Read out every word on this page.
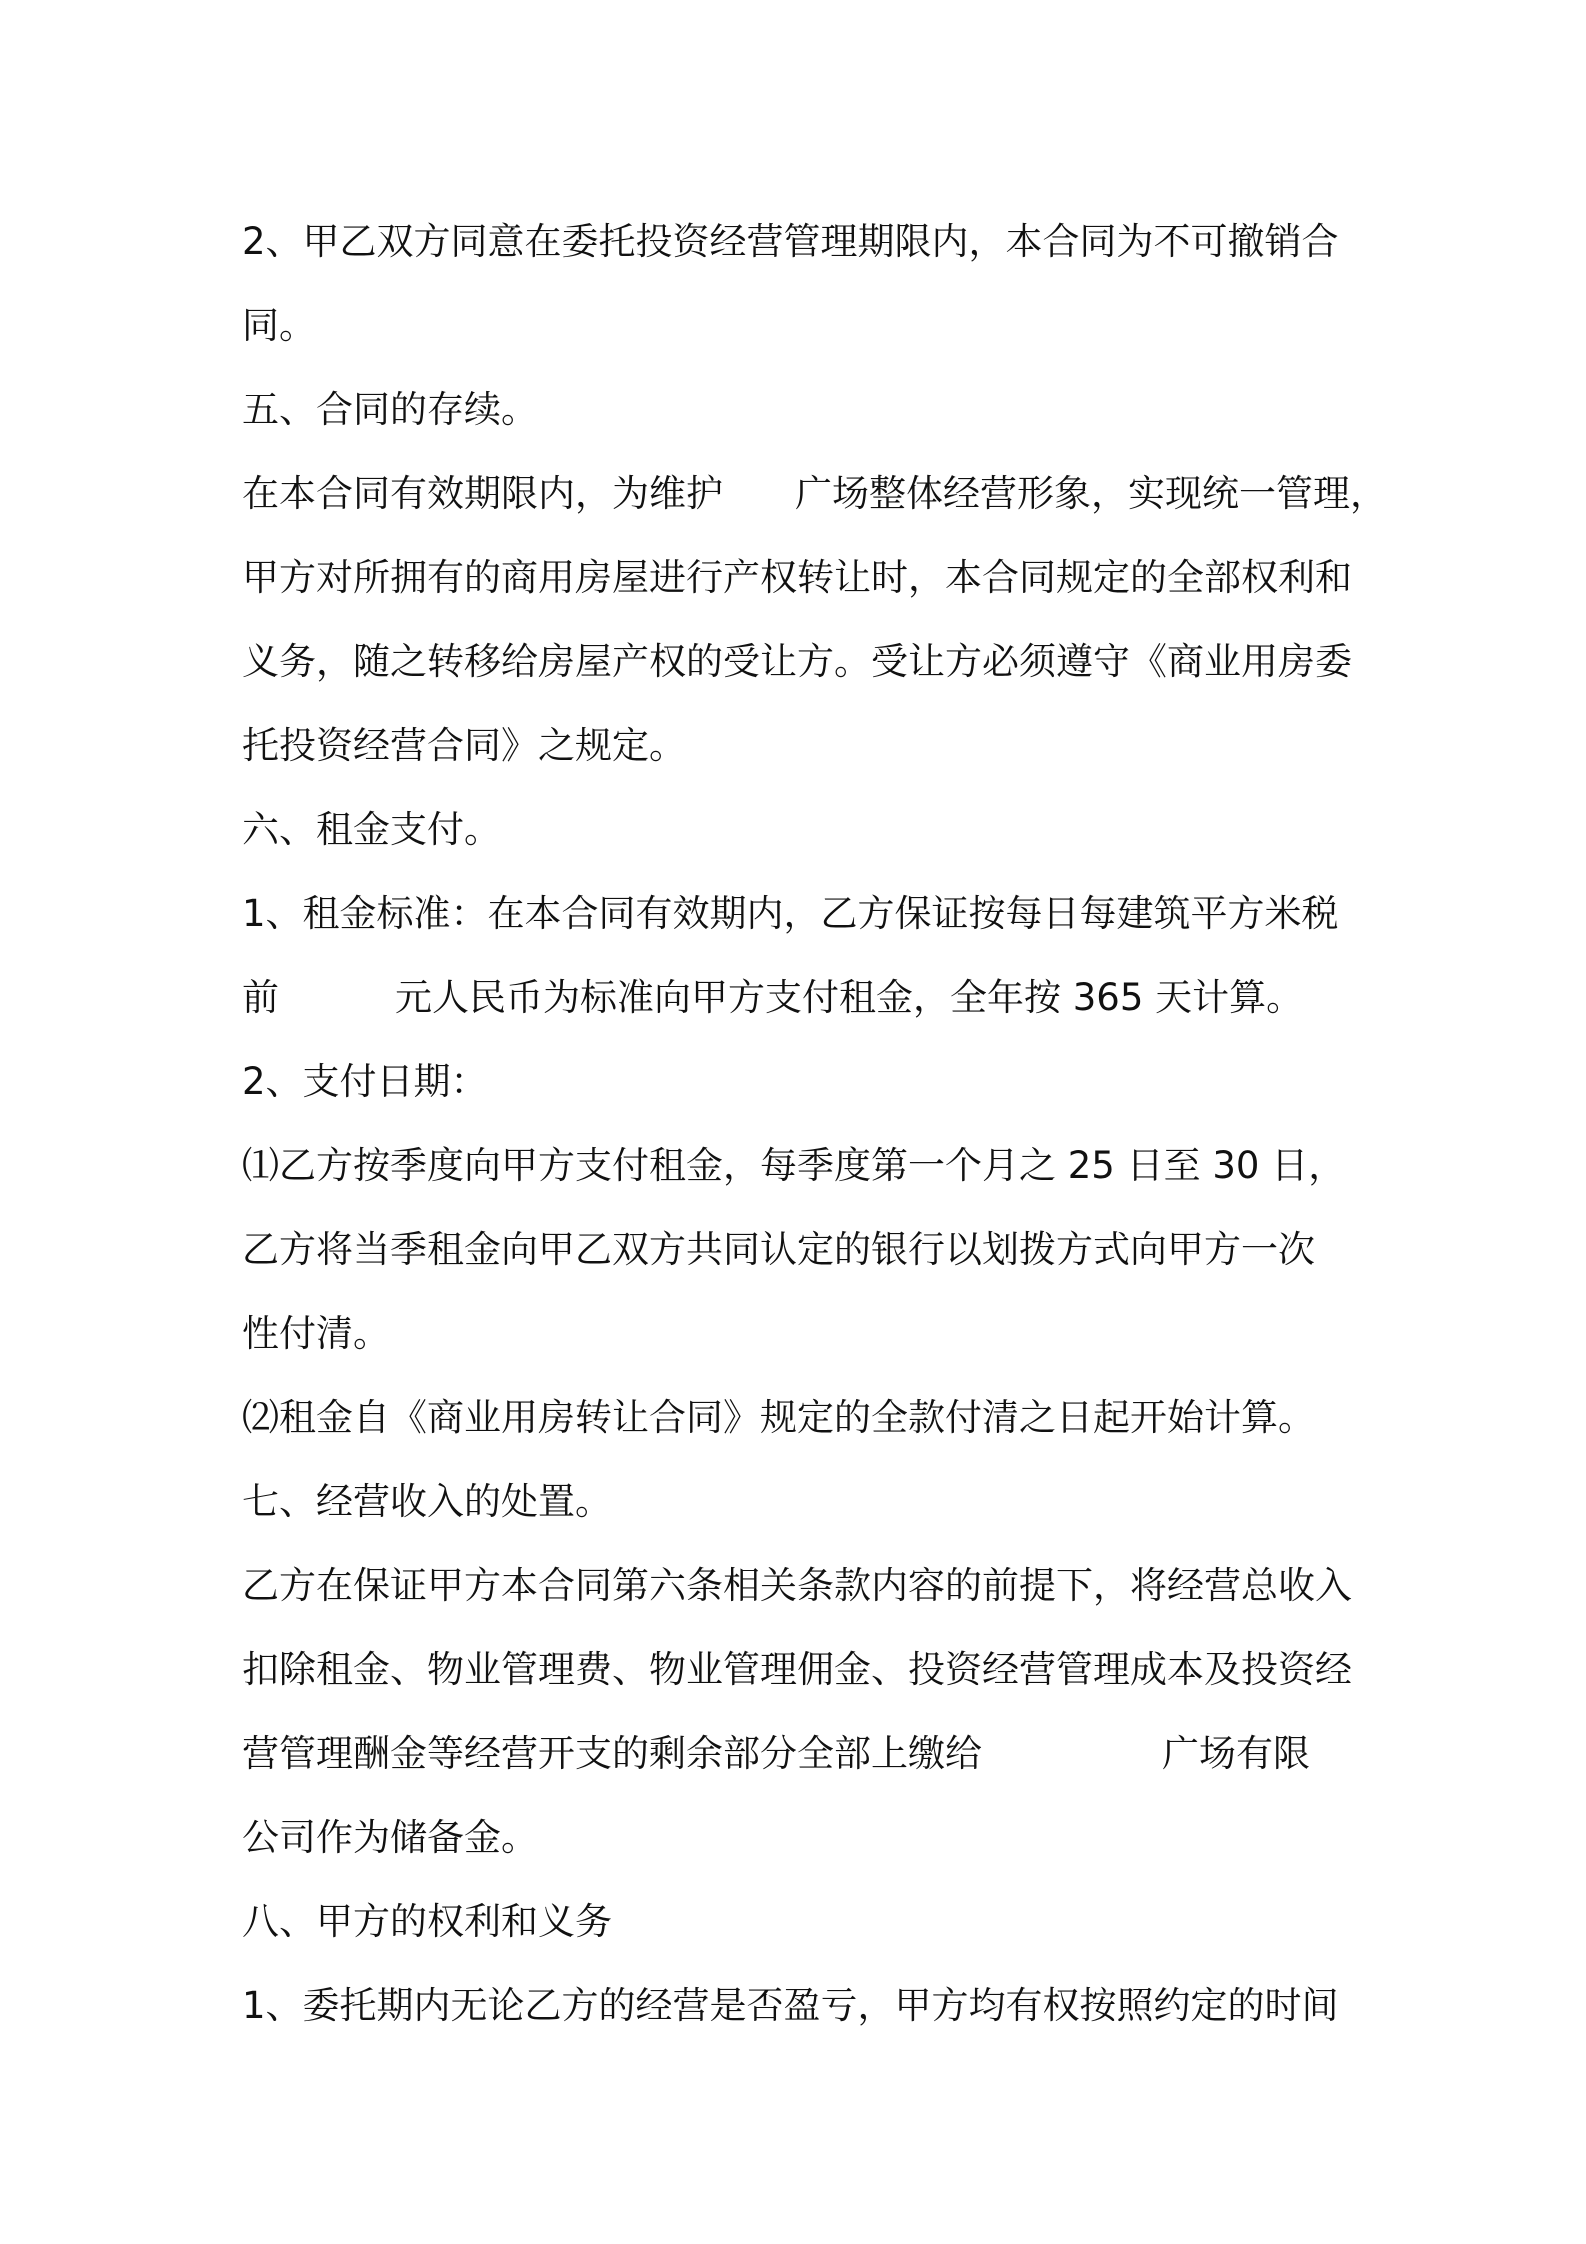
2、甲乙双方同意在委托投资经营管理期限内，本合同为不可撤销合
同。
五、合同的存续。
在本合同有效期限内，为维护 广场整体经营形象，实现统一管理，
甲方对所拥有的商用房屋进行产权转让时，本合同规定的全部权利和
义务，随之转移给房屋产权的受让方。受让方必须遵守《商业用房委
托投资经营合同》之规定。
六、租金支付。
1、租金标准：在本合同有效期内，乙方保证按每日每建筑平方米税
前	元人民币为标准向甲方支付租金，全年按 365 天计算。
2、支付日期：
⑴乙方按季度向甲方支付租金，每季度第一个月之 25 日至 30 日，
乙方将当季租金向甲乙双方共同认定的银行以划拨方式向甲方一次
性付清。
⑵租金自《商业用房转让合同》规定的全款付清之日起开始计算。
七、经营收入的处置。
乙方在保证甲方本合同第六条相关条款内容的前提下，将经营总收入
扣除租金、物业管理费、物业管理佣金、投资经营管理成本及投资经
营管理酬金等经营开支的剩余部分全部上缴给	广场有限
公司作为储备金。
八、甲方的权利和义务
1、委托期内无论乙方的经营是否盈亏，甲方均有权按照约定的时间
